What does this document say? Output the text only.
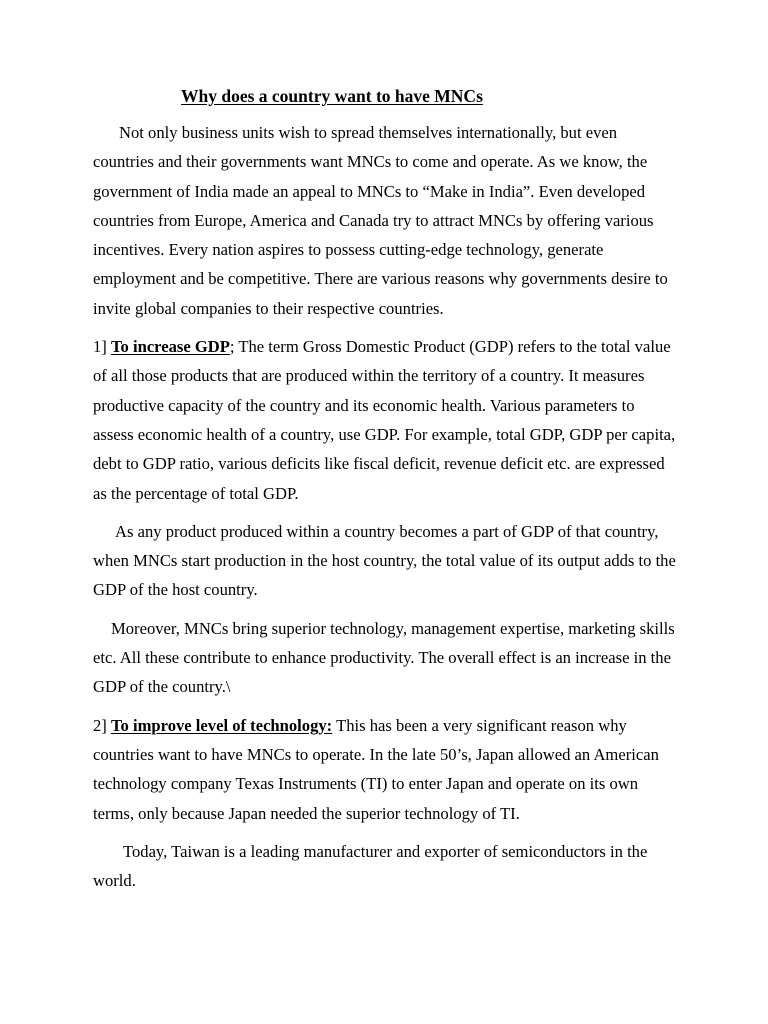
Why does a country want to have MNCs

Not only business units wish to spread themselves internationally, but even countries and their governments want MNCs to come and operate. As we know, the government of India made an appeal to MNCs to “Make in India”. Even developed countries from Europe, America and Canada try to attract MNCs by offering various incentives. Every nation aspires to possess cutting-edge technology, generate employment and be competitive. There are various reasons why governments desire to invite global companies to their respective countries.

1] To increase GDP; The term Gross Domestic Product (GDP) refers to the total value of all those products that are produced within the territory of a country. It measures productive capacity of the country and its economic health. Various parameters to assess economic health of a country, use GDP. For example, total GDP, GDP per capita, debt to GDP ratio, various deficits like fiscal deficit, revenue deficit etc. are expressed as the percentage of total GDP.

As any product produced within a country becomes a part of GDP of that country, when MNCs start production in the host country, the total value of its output adds to the GDP of the host country.

Moreover, MNCs bring superior technology, management expertise, marketing skills etc. All these contribute to enhance productivity. The overall effect is an increase in the GDP of the country.\

2] To improve level of technology: This has been a very significant reason why countries want to have MNCs to operate. In the late 50’s, Japan allowed an American technology company Texas Instruments (TI) to enter Japan and operate on its own terms, only because Japan needed the superior technology of TI.

Today, Taiwan is a leading manufacturer and exporter of semiconductors in the world.
